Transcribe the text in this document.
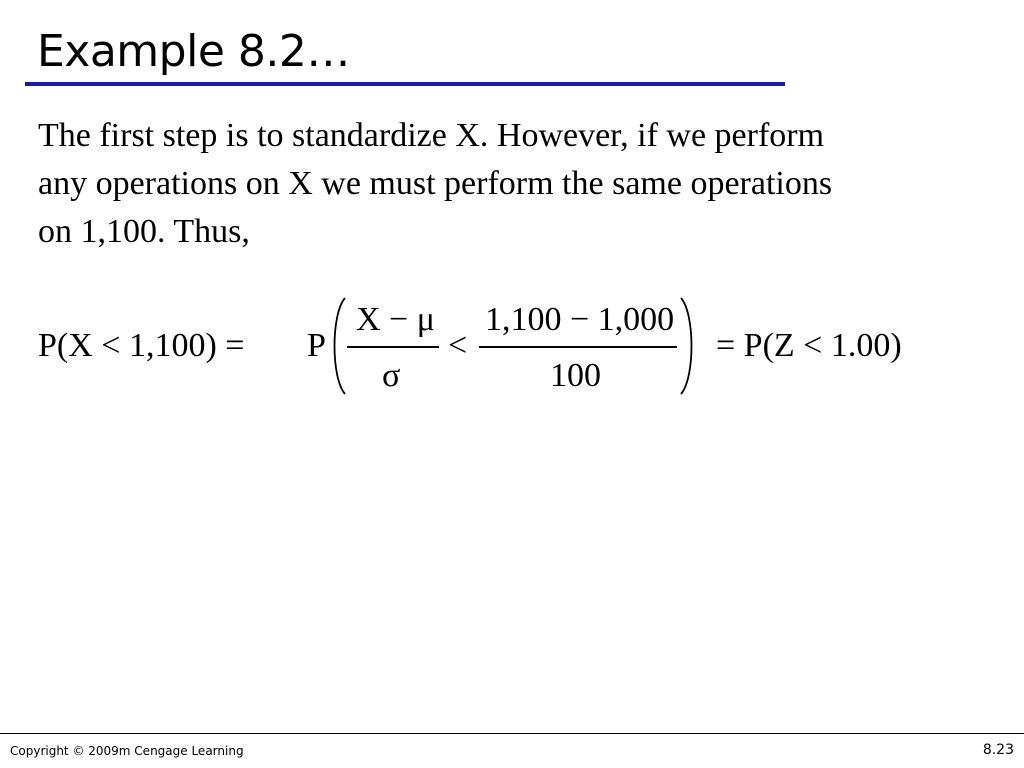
Example 8.2…
The first step is to standardize X. However, if we perform
any operations on X we must perform the same operations
on 1,100. Thus,
P(X < 1,100) = P
X − μ
σ
<
1,100 − 1,000
100
= P(Z < 1.00)
Copyright © 2009m Cengage Learning	8.23
